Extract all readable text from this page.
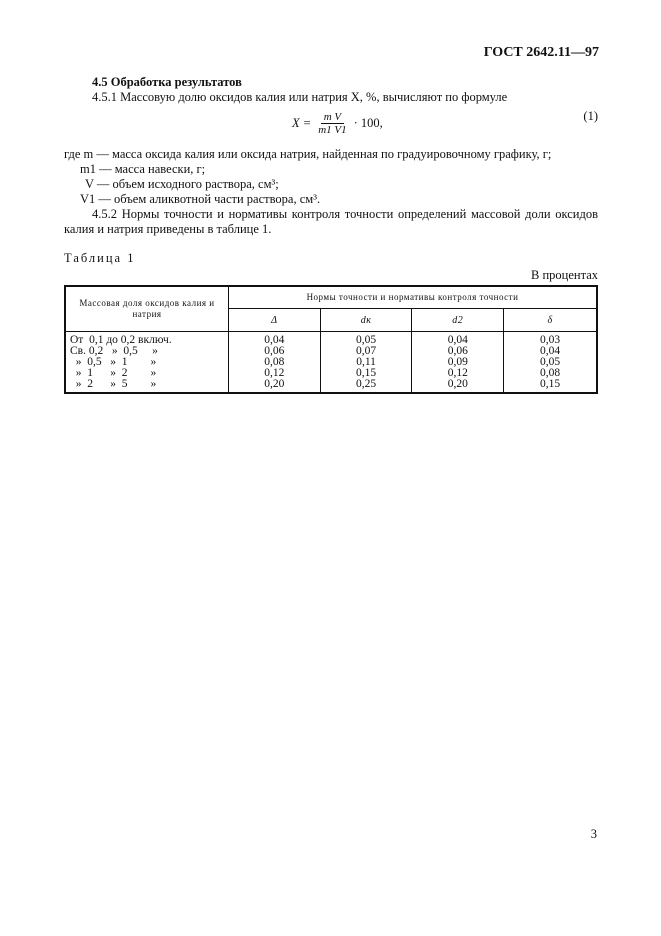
ГОСТ 2642.11—97
4.5 Обработка результатов

4.5.1 Массовую долю оксидов калия или натрия X, %, вычисляют по формуле

$X = \frac{\text{m V}}{m1 V1} \cdot 100$,	(1)
где m — масса оксида калия или оксида натрия, найденная по градуировочному графику, г;
m1 — масса навески, г;
V — объем исходного раствора, см³;
V1 — объем аликвотной части раствора, см³.

4.5.2 Нормы точности и нормативы контроля точности определений массовой доли оксидов калия и натрия приведены в таблице 1.

Таблица 1
В процентах
Массовая доля оксидов калия и натрия	Нормы точности и нормативы контроля точности			
	Δ	dк	d2	δ
От  0,1 до 0,2 включ.	0,04	0,05	0,04	0,03
Св. 0,2   »  0,5     »	0,06	0,07	0,06	0,04
»  0,5   »  1        »	0,08	0,11	0,09	0,05
»  1      »  2        »	0,12	0,15	0,12	0,08
»  2      »  5        »	0,20	0,25	0,20	0,15
3
